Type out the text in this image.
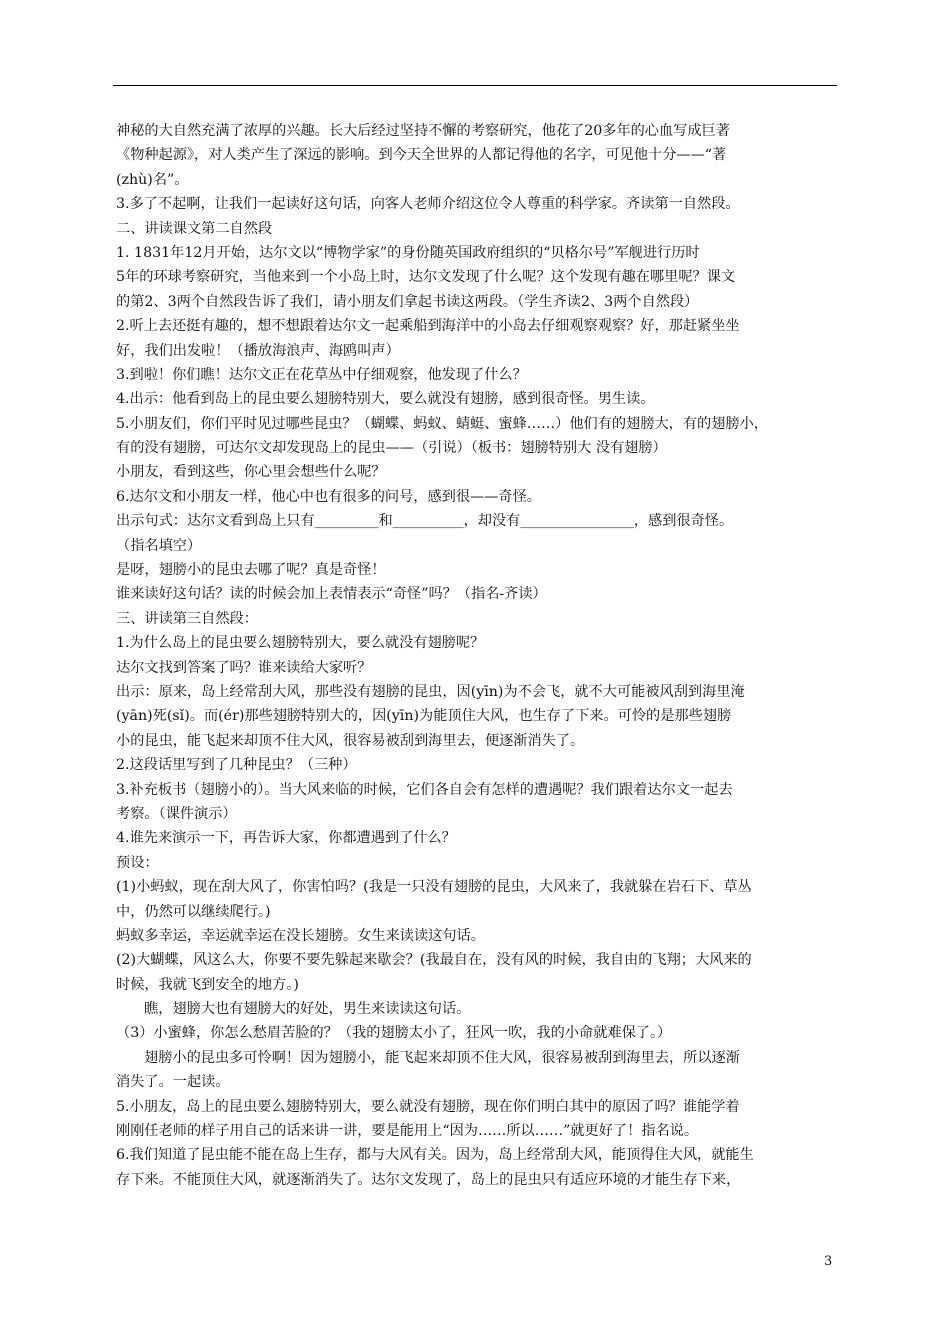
神秘的大自然充满了浓厚的兴趣。长大后经过坚持不懈的考察研究，他花了20多年的心血写成巨著
《物种起源》，对人类产生了深远的影响。到今天全世界的人都记得他的名字，可见他十分——“著
(zhù)名”。
3.多了不起啊，让我们一起读好这句话，向客人老师介绍这位令人尊重的科学家。齐读第一自然段。
二、讲读课文第二自然段
1. 1831年12月开始，达尔文以“博物学家”的身份随英国政府组织的“贝格尔号”军舰进行历时
5年的环球考察研究，当他来到一个小岛上时，达尔文发现了什么呢？这个发现有趣在哪里呢？课文
的第2、3两个自然段告诉了我们，请小朋友们拿起书读这两段。（学生齐读2、3两个自然段）
2.听上去还挺有趣的，想不想跟着达尔文一起乘船到海洋中的小岛去仔细观察观察？好，那赶紧坐坐
好，我们出发啦！（播放海浪声、海鸥叫声）
3.到啦！你们瞧！达尔文正在花草丛中仔细观察，他发现了什么？
4.出示：他看到岛上的昆虫要么翅膀特别大，要么就没有翅膀，感到很奇怪。男生读。
5.小朋友们，你们平时见过哪些昆虫？（蝴蝶、蚂蚁、蜻蜓、蜜蜂……）他们有的翅膀大，有的翅膀小，
有的没有翅膀，可达尔文却发现岛上的昆虫——（引说）（板书：翅膀特别大 没有翅膀）
小朋友，看到这些，你心里会想些什么呢？
6.达尔文和小朋友一样，他心中也有很多的问号，感到很——奇怪。
出示句式：达尔文看到岛上只有_________和__________，却没有________________，感到很奇怪。
（指名填空）
是呀，翅膀小的昆虫去哪了呢？真是奇怪！
谁来读好这句话？读的时候会加上表情表示“奇怪”吗？（指名-齐读）
三、讲读第三自然段：
1.为什么岛上的昆虫要么翅膀特别大，要么就没有翅膀呢？
达尔文找到答案了吗？谁来读给大家听？
出示：原来，岛上经常刮大风，那些没有翅膀的昆虫，因(yīn)为不会飞，就不大可能被风刮到海里淹
(yān)死(sǐ)。而(ér)那些翅膀特别大的，因(yīn)为能顶住大风，也生存了下来。可怜的是那些翅膀
小的昆虫，能飞起来却顶不住大风，很容易被刮到海里去，便逐渐消失了。
2.这段话里写到了几种昆虫？（三种）
3.补充板书（翅膀小的）。当大风来临的时候，它们各自会有怎样的遭遇呢？我们跟着达尔文一起去
考察。（课件演示）
4.谁先来演示一下，再告诉大家，你都遭遇到了什么？
预设：
(1)小蚂蚁，现在刮大风了，你害怕吗？(我是一只没有翅膀的昆虫，大风来了，我就躲在岩石下、草丛
中，仍然可以继续爬行。)
蚂蚁多幸运，幸运就幸运在没长翅膀。女生来读读这句话。
(2)大蝴蝶，风这么大，你要不要先躲起来歇会？(我最自在，没有风的时候，我自由的飞翔；大风来的
时候，我就飞到安全的地方。)
瞧，翅膀大也有翅膀大的好处，男生来读读这句话。
（3）小蜜蜂，你怎么愁眉苦脸的？（我的翅膀太小了，狂风一吹，我的小命就难保了。）
翅膀小的昆虫多可怜啊！因为翅膀小，能飞起来却顶不住大风，很容易被刮到海里去，所以逐渐
消失了。一起读。
5.小朋友，岛上的昆虫要么翅膀特别大，要么就没有翅膀，现在你们明白其中的原因了吗？谁能学着
刚刚任老师的样子用自己的话来讲一讲，要是能用上“因为……所以……”就更好了！指名说。
6.我们知道了昆虫能不能在岛上生存，都与大风有关。因为，岛上经常刮大风，能顶得住大风，就能生
存下来。不能顶住大风，就逐渐消失了。达尔文发现了，岛上的昆虫只有适应环境的才能生存下来，
3
